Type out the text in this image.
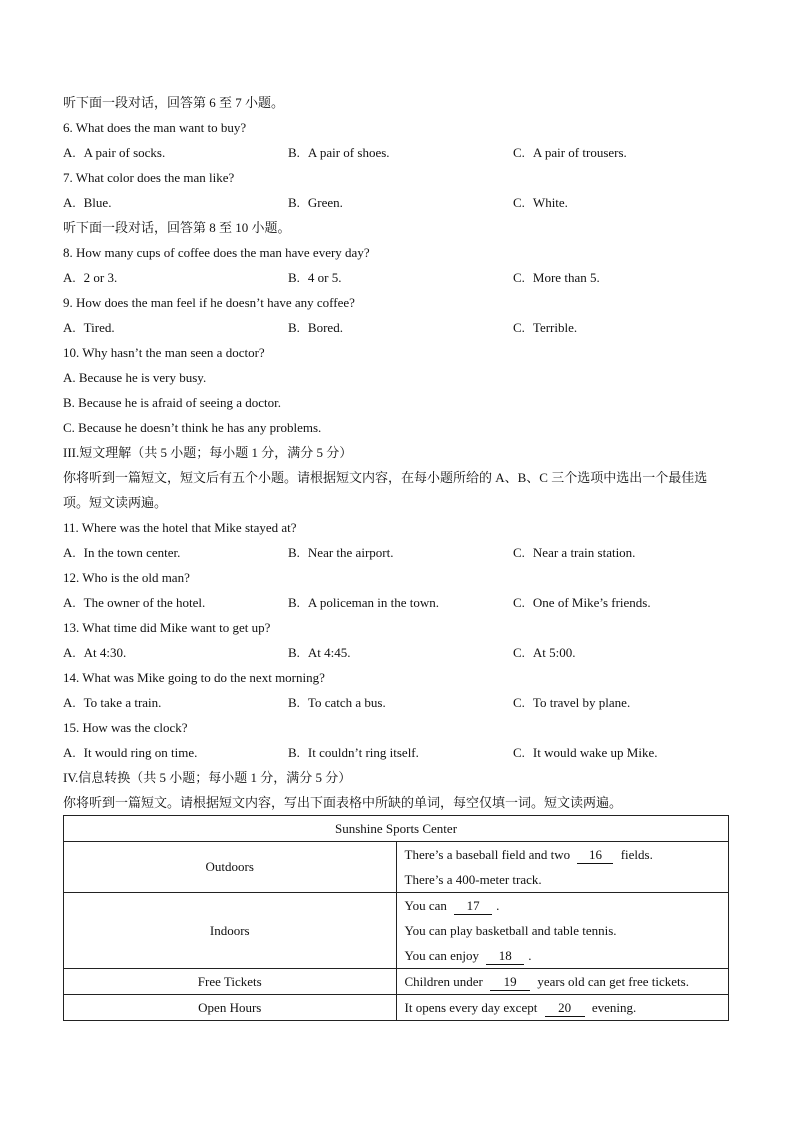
听下面一段对话，回答第 6 至 7 小题。
6. What does the man want to buy?
A. A pair of socks.	B. A pair of shoes.	C. A pair of trousers.
7. What color does the man like?
A. Blue.	B. Green.	C. White.
听下面一段对话，回答第 8 至 10 小题。
8. How many cups of coffee does the man have every day?
A. 2 or 3.	B. 4 or 5.	C. More than 5.
9. How does the man feel if he doesn’t have any coffee?
A. Tired.	B. Bored.	C. Terrible.
10. Why hasn’t the man seen a doctor?
A. Because he is very busy.
B. Because he is afraid of seeing a doctor.
C. Because he doesn’t think he has any problems.
III.短文理解（共 5 小题；每小题 1 分，满分 5 分）
你将听到一篇短文，短文后有五个小题。请根据短文内容，在每小题所给的 A、B、C 三个选项中选出一个最佳选项。短文读两遍。
11. Where was the hotel that Mike stayed at?
A. In the town center.	B. Near the airport.	C. Near a train station.
12. Who is the old man?
A. The owner of the hotel.	B. A policeman in the town.	C. One of Mike’s friends.
13. What time did Mike want to get up?
A. At 4:30.	B. At 4:45.	C. At 5:00.
14. What was Mike going to do the next morning?
A. To take a train.	B. To catch a bus.	C. To travel by plane.
15. How was the clock?
A. It would ring on time.	B. It couldn’t ring itself.	C. It would wake up Mike.
IV.信息转换（共 5 小题；每小题 1 分，满分 5 分）
你将听到一篇短文。请根据短文内容，写出下面表格中所缺的单词，每空仅填一词。短文读两遍。
Sunshine Sports Center	
Outdoors	There’s a baseball field and two 16 fields.
There’s a 400-meter track.

Indoors	You can 17 .
You can play basketball and table tennis.
You can enjoy 18 .

Free Tickets	Children under 19 years old can get free tickets.

Open Hours	It opens every day except 20 evening.
